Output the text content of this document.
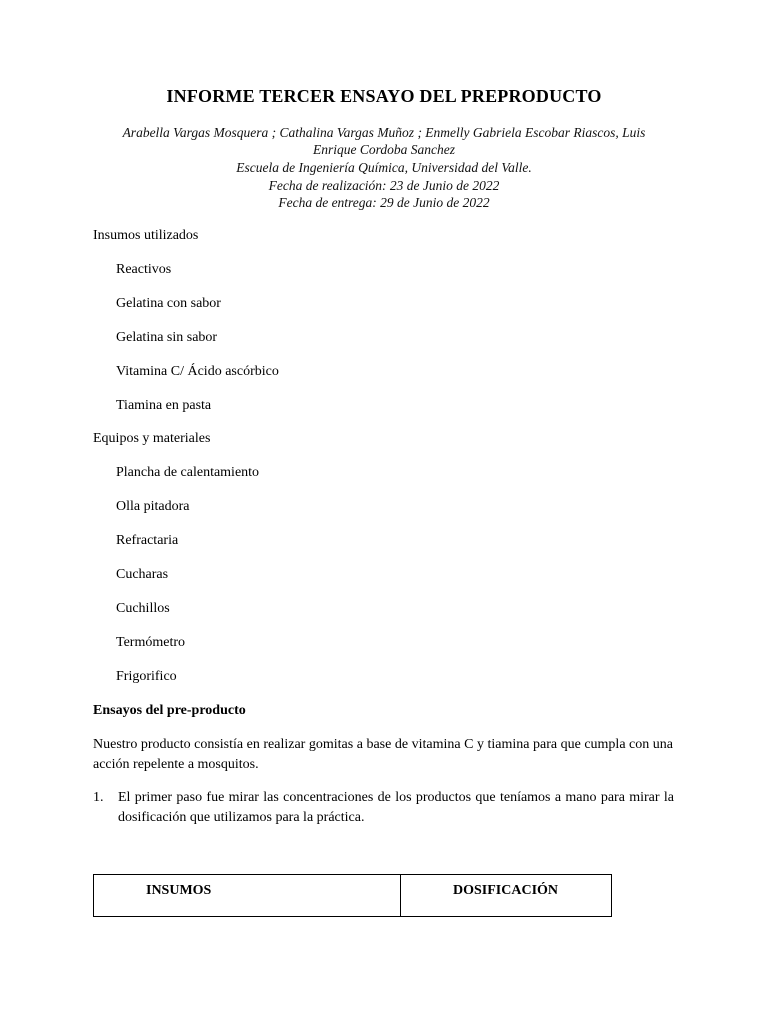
INFORME TERCER ENSAYO DEL PREPRODUCTO
Arabella Vargas Mosquera ; Cathalina Vargas Muñoz ; Enmelly Gabriela Escobar Riascos, Luis
Enrique Cordoba Sanchez
Escuela de Ingeniería Química, Universidad del Valle.
Fecha de realización: 23 de Junio de 2022
Fecha de entrega: 29 de Junio de 2022
Insumos utilizados
Reactivos
Gelatina con sabor
Gelatina sin sabor
Vitamina C/ Ácido ascórbico
Tiamina en pasta
Equipos y materiales
Plancha de calentamiento
Olla pitadora
Refractaria
Cucharas
Cuchillos
Termómetro
Frigorifico
Ensayos del pre-producto
Nuestro producto consistía en realizar gomitas a base de vitamina C y tiamina para que cumpla con una acción repelente a mosquitos.
1. El primer paso fue mirar las concentraciones de los productos que teníamos a mano para mirar la dosificación que utilizamos para la práctica.
INSUMOS	DOSIFICACIÓN
